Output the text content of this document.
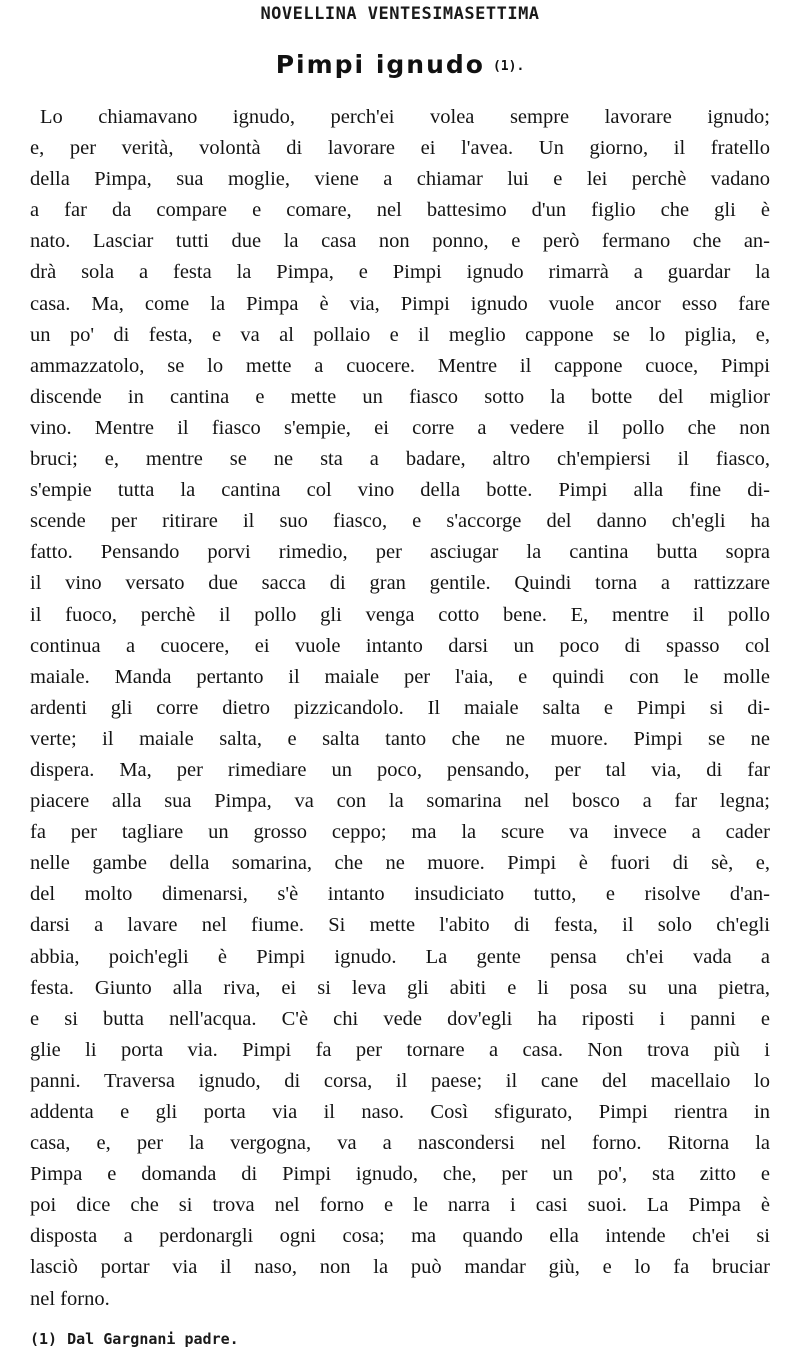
NOVELLINA VENTESIMASETTIMA
Pimpi ignudo (1).
Lo chiamavano ignudo, perch'ei volea sempre lavorare ignudo;
e, per verità, volontà di lavorare ei l'avea. Un giorno, il fratello
della Pimpa, sua moglie, viene a chiamar lui e lei perchè vadano
a far da compare e comare, nel battesimo d'un figlio che gli è
nato. Lasciar tutti due la casa non ponno, e però fermano che an-
drà sola a festa la Pimpa, e Pimpi ignudo rimarrà a guardar la
casa. Ma, come la Pimpa è via, Pimpi ignudo vuole ancor esso fare
un po' di festa, e va al pollaio e il meglio cappone se lo piglia, e,
ammazzatolo, se lo mette a cuocere. Mentre il cappone cuoce, Pimpi
discende in cantina e mette un fiasco sotto la botte del miglior
vino. Mentre il fiasco s'empie, ei corre a vedere il pollo che non
bruci; e, mentre se ne sta a badare, altro ch'empiersi il fiasco,
s'empie tutta la cantina col vino della botte. Pimpi alla fine di-
scende per ritirare il suo fiasco, e s'accorge del danno ch'egli ha
fatto. Pensando porvi rimedio, per asciugar la cantina butta sopra
il vino versato due sacca di gran gentile. Quindi torna a rattizzare
il fuoco, perchè il pollo gli venga cotto bene. E, mentre il pollo
continua a cuocere, ei vuole intanto darsi un poco di spasso col
maiale. Manda pertanto il maiale per l'aia, e quindi con le molle
ardenti gli corre dietro pizzicandolo. Il maiale salta e Pimpi si di-
verte; il maiale salta, e salta tanto che ne muore. Pimpi se ne
dispera. Ma, per rimediare un poco, pensando, per tal via, di far
piacere alla sua Pimpa, va con la somarina nel bosco a far legna;
fa per tagliare un grosso ceppo; ma la scure va invece a cader
nelle gambe della somarina, che ne muore. Pimpi è fuori di sè, e,
del molto dimenarsi, s'è intanto insudiciato tutto, e risolve d'an-
darsi a lavare nel fiume. Si mette l'abito di festa, il solo ch'egli
abbia, poich'egli è Pimpi ignudo. La gente pensa ch'ei vada a
festa. Giunto alla riva, ei si leva gli abiti e li posa su una pietra,
e si butta nell'acqua. C'è chi vede dov'egli ha riposti i panni e
glie li porta via. Pimpi fa per tornare a casa. Non trova più i
panni. Traversa ignudo, di corsa, il paese; il cane del macellaio lo
addenta e gli porta via il naso. Così sfigurato, Pimpi rientra in
casa, e, per la vergogna, va a nascondersi nel forno. Ritorna la
Pimpa e domanda di Pimpi ignudo, che, per un po', sta zitto e
poi dice che si trova nel forno e le narra i casi suoi. La Pimpa è
disposta a perdonargli ogni cosa; ma quando ella intende ch'ei si
lasciò portar via il naso, non la può mandar giù, e lo fa bruciar
nel forno.
(1) Dal Gargnani padre.
